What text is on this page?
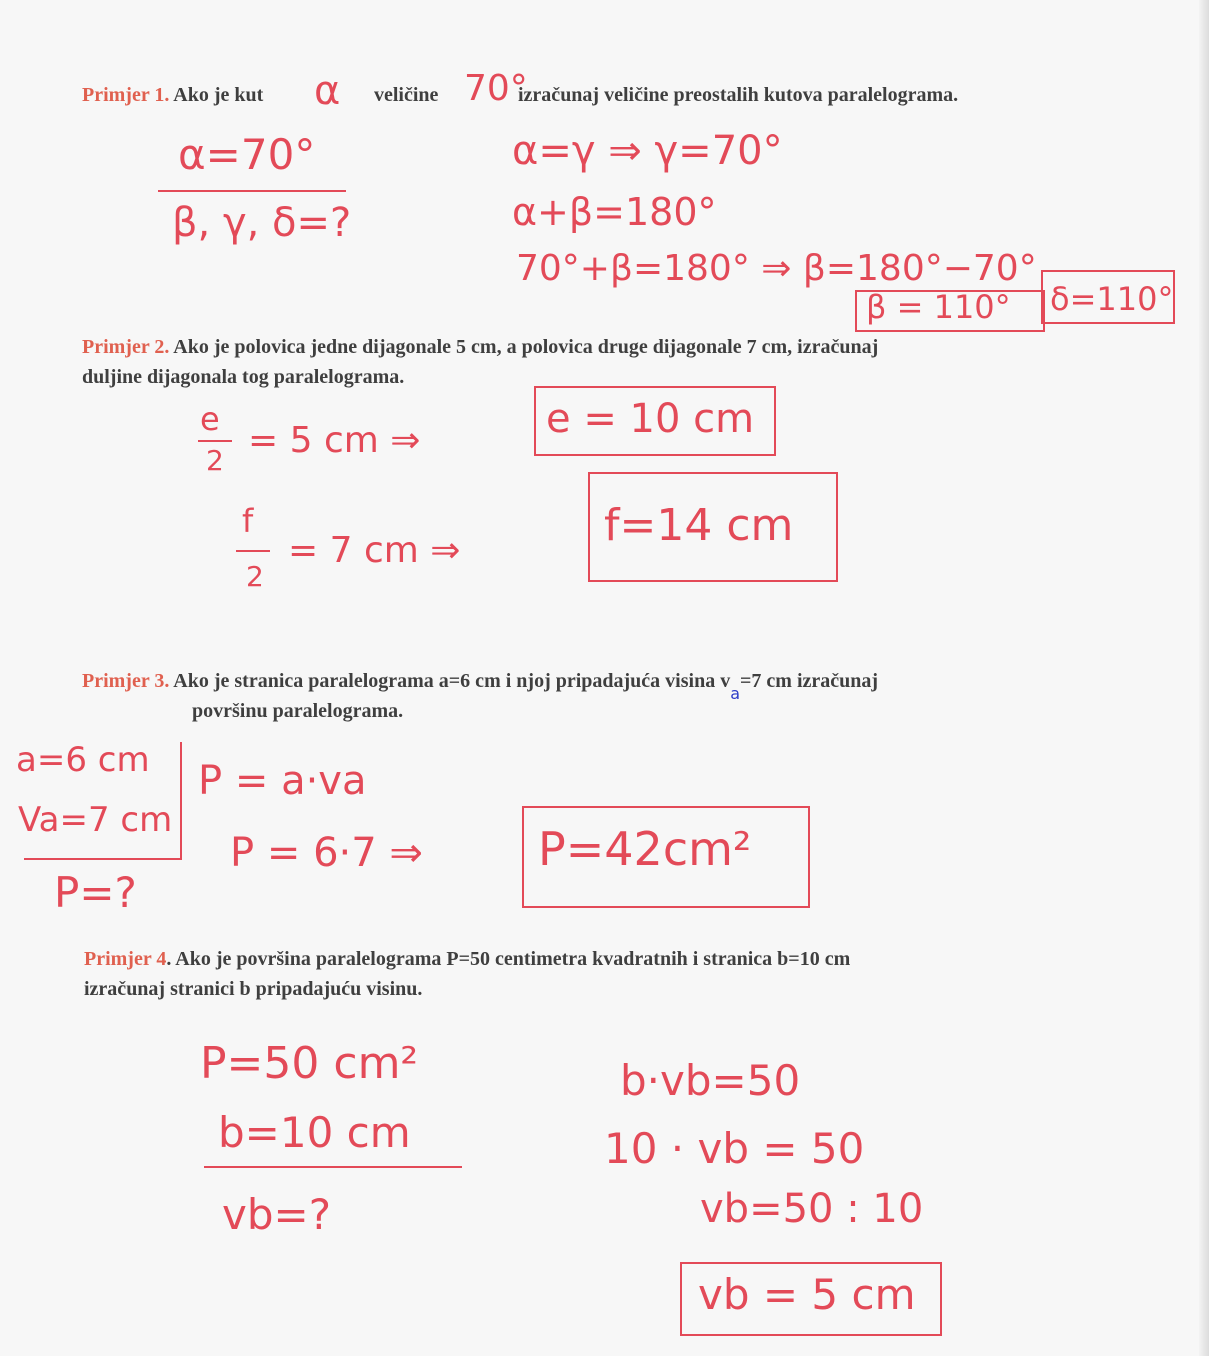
Primjer 1. Ako je kut α veličine 70°
izračunaj veličine preostalih kutova paralelograma.
α=70°
β, γ, δ=?
α=γ ⇒ γ=70°
α+β=180°
70°+β=180° ⇒ β=180°−70°
β = 110° δ=110°
Primjer 2. Ako je polovica jedne dijagonale 5 cm, a polovica druge dijagonale 7 cm, izračunaj
duljine dijagonala tog paralelograma.
e
2 = 5 cm ⇒	e = 10 cm
f
2
= 7 cm ⇒	f=14 cm
Primjer 3. Ako je stranica paralelograma a=6 cm i njoj pripadajuća visina $v_a=7$ cm izračunaj
površinu paralelograma.
a=6 cm
Va=7 cm
P=?
P = a·va
P = 6·7 ⇒	P=42cm²
Primjer 4. Ako je površina paralelograma P=50 centimetra kvadratnih i stranica b=10 cm
izračunaj stranici b pripadajuću visinu.
P=50 cm²
b=10 cm
vb=?
b·vb=50
10 · vb = 50
vb=50 : 10
vb = 5 cm
